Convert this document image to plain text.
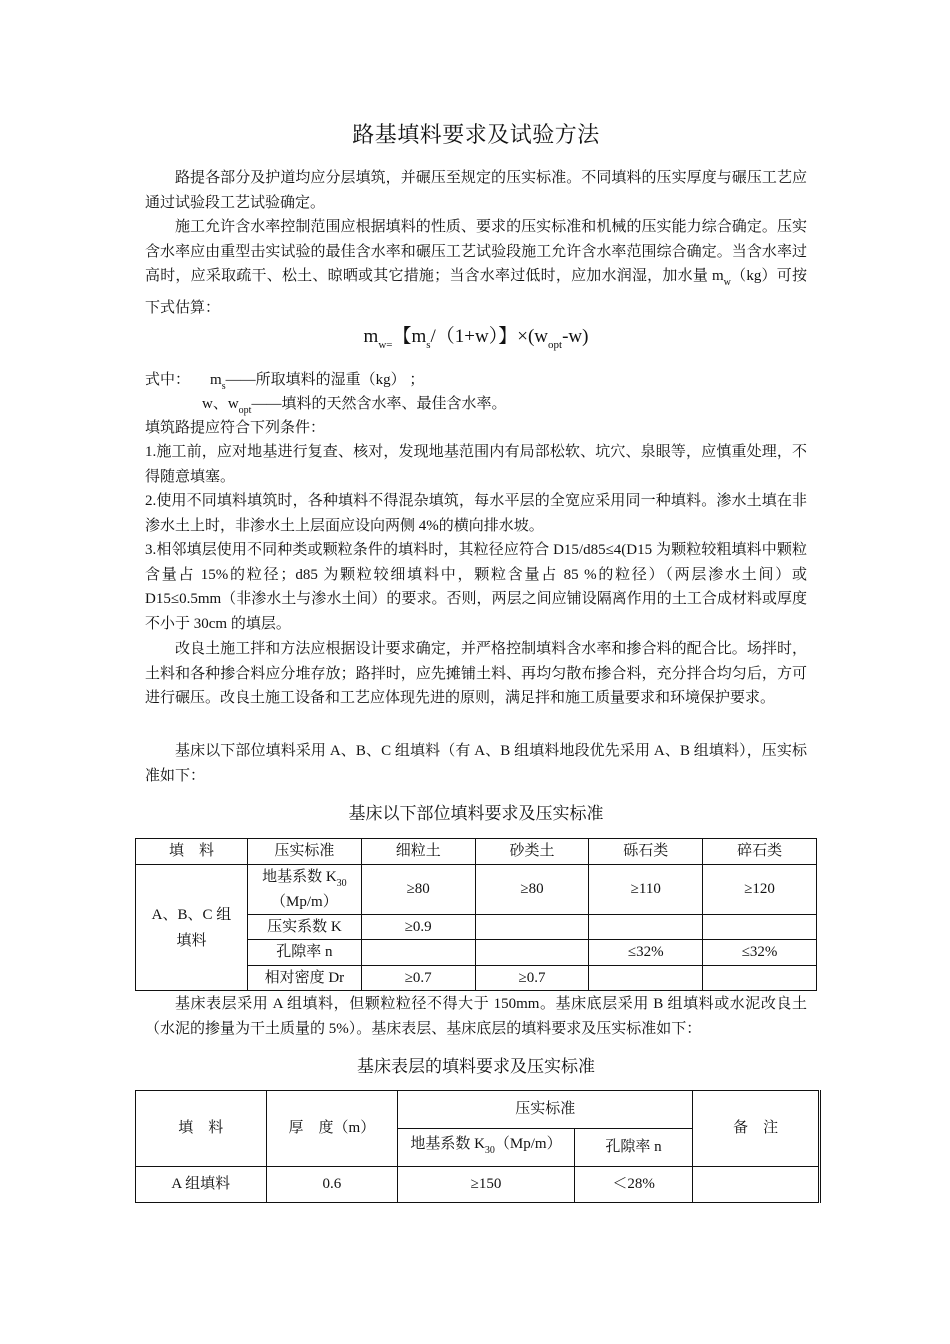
路基填料要求及试验方法

路提各部分及护道均应分层填筑，并碾压至规定的压实标准。不同填料的压实厚度与碾压工艺应通过试验段工艺试验确定。

施工允许含水率控制范围应根据填料的性质、要求的压实标准和机械的压实能力综合确定。压实含水率应由重型击实试验的最佳含水率和碾压工艺试验段施工允许含水率范围综合确定。当含水率过高时，应采取疏干、松土、晾晒或其它措施；当含水率过低时，应加水润湿，加水量 $m_w(kg)$可按下式估算：

$m_{w=}$【$m_s/(1+w)$】$\times(w_{opt}-w)$
式中： $m_s——$所取填料的湿重（kg） ；
w、$w_{opt}——$填料的天然含水率、最佳含水率。
填筑路提应符合下列条件：

1.施工前，应对地基进行复查、核对，发现地基范围内有局部松软、坑穴、泉眼等，应慎重处理，不得随意填塞。

2.使用不同填料填筑时，各种填料不得混杂填筑，每水平层的全宽应采用同一种填料。渗水土填在非渗水土上时，非渗水土上层面应设向两侧 4%的横向排水坡。

3.相邻填层使用不同种类或颗粒条件的填料时，其粒径应符合 D15/d85≤4(D15 为颗粒较粗填料中颗粒含量占 15%的粒径；d85 为颗粒较细填料中，颗粒含量占 85 %的粒径）（两层渗水土间）或 D15≤0.5mm（非渗水土与渗水土间）的要求。否则，两层之间应铺设隔离作用的土工合成材料或厚度不小于 30cm 的填层。

改良土施工拌和方法应根据设计要求确定，并严格控制填料含水率和掺合料的配合比。场拌时，土料和各种掺合料应分堆存放；路拌时，应先摊铺土料、再均匀散布掺合料，充分拌合均匀后，方可进行碾压。改良土施工设备和工艺应体现先进的原则，满足拌和施工质量要求和环境保护要求。

基床以下部位填料采用 A、B、C 组填料（有 A、B 组填料地段优先采用 A、B 组填料），压实标准如下：

基床以下部位填料要求及压实标准

基床表层采用 A 组填料，但颗粒粒径不得大于 150mm。基床底层采用 B 组填料或水泥改良土（水泥的掺量为干土质量的 5%）。基床表层、基床底层的填料要求及压实标准如下：

基床表层的填料要求及压实标准
填　料	压实标准	细粒土	砂类土	砾石类	碎石类

A、B、C 组填料	地基系数 $K_{30}$
（Mp/m）	≥80	≥80	≥110	≥120
	压实系数 K	≥0.9			
	孔隙率 n			≤32%	≤32%
	相对密度 Dr	≥0.7	≥0.7		
填　料	厚　度（m）	压实标准		备　注
		地基系数 $K_{30}(Mp/m)$	孔隙率 n	
A 组填料	0.6	≥150	＜28%	
